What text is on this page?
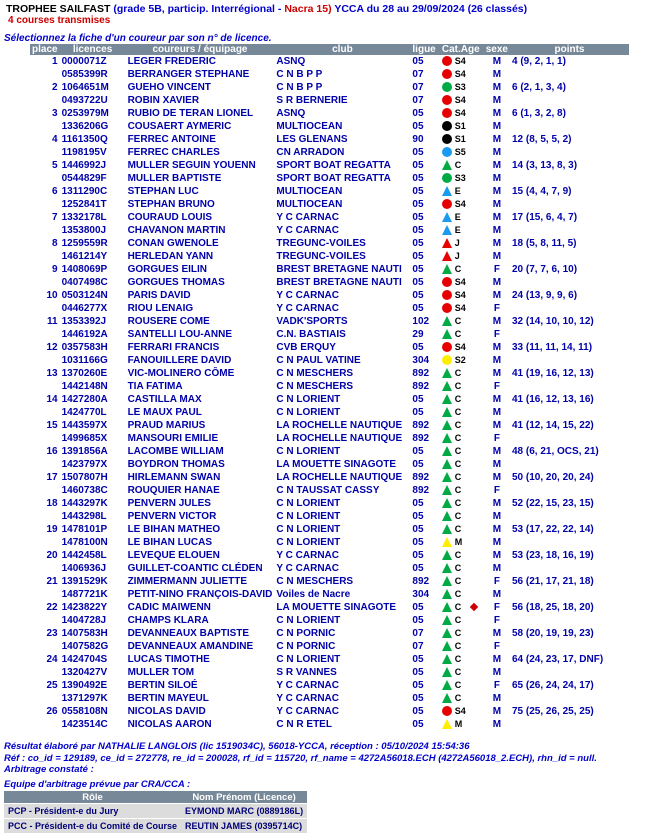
TROPHEE SAILFAST (grade 5B, particip. Interrégional - Nacra 15) YCCA du 28 au 29/09/2024 (26 classés)
4 courses transmises
Sélectionnez la fiche d'un coureur par son n° de licence.
place	licences	coureurs / équipage	club	ligue	Cat.Age	sexe	points
1	0000071Z	LEGER FREDERIC	ASNQ	05	S4	M	4 (9, 2, 1, 1)
	0585399R	BERRANGER STEPHANE	C N B P P	07	S4	M	
2	1064651M	GUEHO VINCENT	C N B P P	07	S3	M	6 (2, 1, 3, 4)
	0493722U	ROBIN XAVIER	S R BERNERIE	07	S4	M	
3	0253979M	RUBIO DE TERAN LIONEL	ASNQ	05	S4	M	6 (1, 3, 2, 8)
	1336206G	COUSAERT AYMERIC	MULTIOCEAN	05	S1	M	
4	1161350Q	FERREC ANTOINE	LES GLENANS	90	S1	M	12 (8, 5, 5, 2)
	1198195V	FERREC CHARLES	CN ARRADON	05	S5	M	
5	1446992J	MULLER SEGUIN YOUENN	SPORT BOAT REGATTA	05	C	M	14 (3, 13, 8, 3)
	0544829F	MULLER BAPTISTE	SPORT BOAT REGATTA	05	S3	M	
6	1311290C	STEPHAN LUC	MULTIOCEAN	05	E	M	15 (4, 4, 7, 9)
	1252841T	STEPHAN BRUNO	MULTIOCEAN	05	S4	M	
7	1332178L	COURAUD LOUIS	Y C CARNAC	05	E	M	17 (15, 6, 4, 7)
	1353800J	CHAVANON MARTIN	Y C CARNAC	05	E	M	
8	1259559R	CONAN GWENOLE	TREGUNC-VOILES	05	J	M	18 (5, 8, 11, 5)
	1461214Y	HERLEDAN YANN	TREGUNC-VOILES	05	J	M	
9	1408069P	GORGUES EILIN	BREST BRETAGNE NAUTI	05	C	F	20 (7, 7, 6, 10)
	0407498C	GORGUES THOMAS	BREST BRETAGNE NAUTI	05	S4	M	
10	0503124N	PARIS DAVID	Y C CARNAC	05	S4	M	24 (13, 9, 9, 6)
	0446277X	RIOU LENAIG	Y C CARNAC	05	S4	F	
11	1353392J	ROUSERE COME	VADK'SPORTS	102	C	M	32 (14, 10, 10, 12)
	1446192A	SANTELLI LOU-ANNE	C.N. BASTIAIS	29	C	F	
12	0357583H	FERRARI FRANCIS	CVB ERQUY	05	S4	M	33 (11, 11, 14, 11)
	1031166G	FANOUILLERE DAVID	C N PAUL VATINE	304	S2	M	
13	1370260E	VIC-MOLINERO CÔME	C N MESCHERS	892	C	M	41 (19, 16, 12, 13)
	1442148N	TIA FATIMA	C N MESCHERS	892	C	F	
14	1427280A	CASTILLA MAX	C N LORIENT	05	C	M	41 (16, 12, 13, 16)
	1424770L	LE MAUX PAUL	C N LORIENT	05	C	M	
15	1443597X	PRAUD MARIUS	LA ROCHELLE NAUTIQUE	892	C	M	41 (12, 14, 15, 22)
	1499685X	MANSOURI EMILIE	LA ROCHELLE NAUTIQUE	892	C	F	
16	1391856A	LACOMBE WILLIAM	C N LORIENT	05	C	M	48 (6, 21, OCS, 21)
	1423797X	BOYDRON THOMAS	LA MOUETTE SINAGOTE	05	C	M	
17	1507807H	HIRLEMANN SWAN	LA ROCHELLE NAUTIQUE	892	C	M	50 (10, 20, 20, 24)
	1460738C	ROUQUIER HANAE	C N TAUSSAT CASSY	892	C	F	
18	1443297K	PENVERN JULES	C N LORIENT	05	C	M	52 (22, 15, 23, 15)
	1443298L	PENVERN VICTOR	C N LORIENT	05	C	M	
19	1478101P	LE BIHAN MATHEO	C N LORIENT	05	C	M	53 (17, 22, 22, 14)
	1478100N	LE BIHAN LUCAS	C N LORIENT	05	M	M	
20	1442458L	LEVEQUE ELOUEN	Y C CARNAC	05	C	M	53 (23, 18, 16, 19)
	1406936J	GUILLET-COANTIC CLÉDEN	Y C CARNAC	05	C	M	
21	1391529K	ZIMMERMANN JULIETTE	C N MESCHERS	892	C	F	56 (21, 17, 21, 18)
	1487721K	PETIT-NINO FRANÇOIS-DAVID	Voiles de Nacre	304	C	M	
22	1423822Y	CADIC MAIWENN	LA MOUETTE SINAGOTE	05	C	F	56 (18, 25, 18, 20)
	1404728J	CHAMPS KLARA	C N LORIENT	05	C	F	
23	1407583H	DEVANNEAUX BAPTISTE	C N PORNIC	07	C	M	58 (20, 19, 19, 23)
	1407582G	DEVANNEAUX AMANDINE	C N PORNIC	07	C	F	
24	1424704S	LUCAS TIMOTHE	C N LORIENT	05	C	M	64 (24, 23, 17, DNF)
	1320427V	MULLER TOM	S R VANNES	05	C	M	
25	1390492E	BERTIN SILOÉ	Y C CARNAC	05	C	F	65 (26, 24, 24, 17)
	1371297K	BERTIN MAYEUL	Y C CARNAC	05	C	M	
26	0558108N	NICOLAS DAVID	Y C CARNAC	05	S4	M	75 (25, 26, 25, 25)
	1423514C	NICOLAS AARON	C N R ETEL	05	M	M	
Résultat élaboré par NATHALIE LANGLOIS (lic 1519034C), 56018-YCCA, réception : 05/10/2024 15:54:36
Réf : co_id = 129189, ce_id = 272778, re_id = 200028, rf_id = 115720, rf_name = 4272A56018.ECH (4272A56018_2.ECH), rhn_id = null.
Arbitrage constaté :
Equipe d'arbitrage prévue par CRA/CCA :
Rôle	Nom Prénom (Licence)

PCP - Président-e du Jury	EYMOND MARC (0889186L)

PCC - Président-e du Comité de Course	REUTIN JAMES (0395714C)
